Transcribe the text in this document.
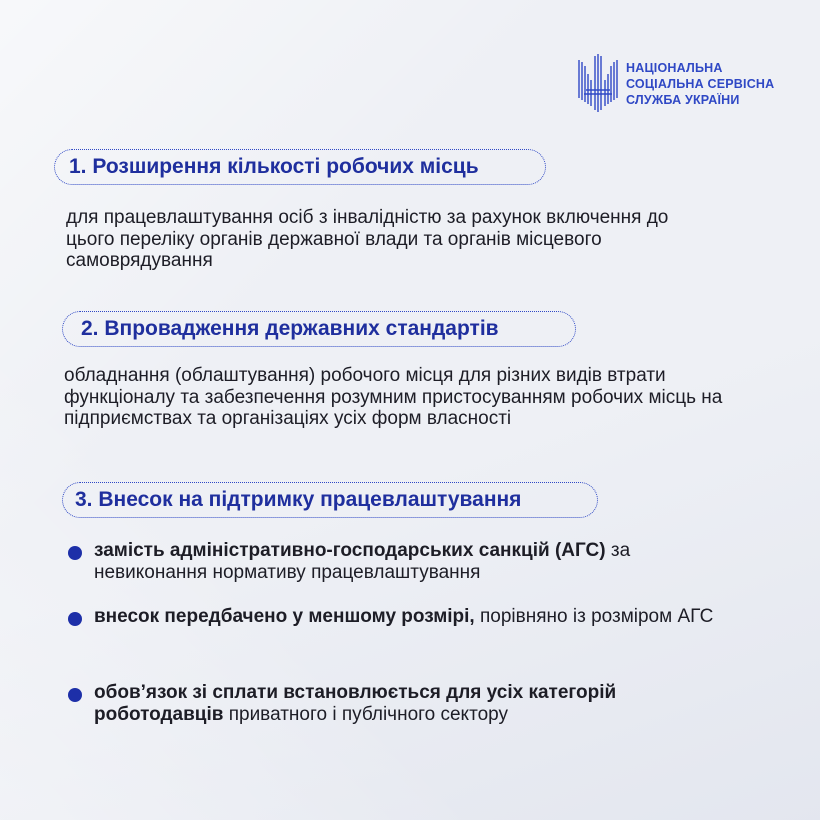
НАЦІОНАЛЬНА
СОЦІАЛЬНА СЕРВІСНА
СЛУЖБА УКРАЇНИ
1. Розширення кількості робочих місць
для працевлаштування осіб з інвалідністю за рахунок включення до цього переліку органів державної влади та органів місцевого самоврядування
2. Впровадження державних стандартів
обладнання (облаштування) робочого місця для різних видів втрати функціоналу та забезпечення розумним пристосуванням робочих місць на підприємствах та організаціях усіх форм власності
3. Внесок на підтримку працевлаштування
замість адміністративно-господарських санкцій (АГС) за невиконання нормативу працевлаштування
внесок передбачено у меншому розмірі, порівняно із розміром АГС
обов’язок зі сплати встановлюється для усіх категорій роботодавців приватного і публічного сектору
